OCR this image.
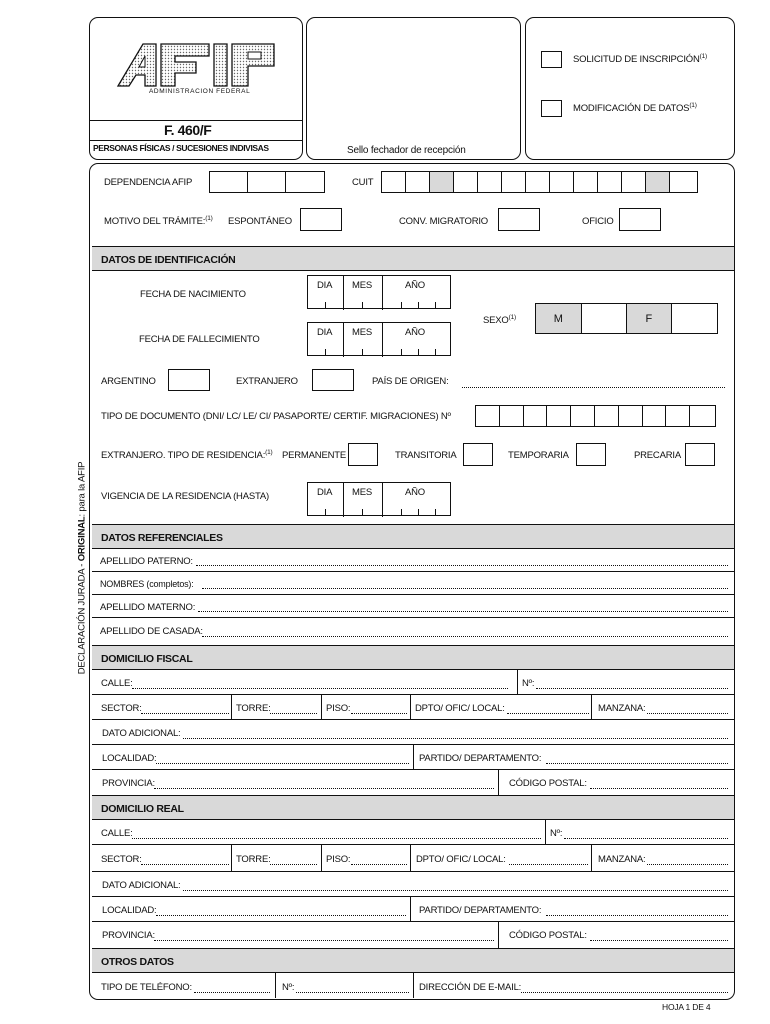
ADMINISTRACION FEDERAL
F. 460/F
PERSONAS FÍSICAS / SUCESIONES INDIVISAS	Sello fechador de recepción
SOLICITUD DE INSCRIPCIÓN$^{(1)}$
MODIFICACIÓN DE DATOS$^{(1)}$
DECLARACIÓN JURADA - ORIGINAL: para la AFIP
DEPENDENCIA AFIP	CUIT
MOTIVO DEL TRÁMITE:$^{(1)}$ ESPONTÁNEO	CONV. MIGRATORIO	OFICIO
DATOS DE IDENTIFICACIÓN
FECHA DE NACIMIENTO
DIA MES	AÑO
FECHA DE FALLECIMIENTO
DIA MES	AÑO
SEXO$^{(1)}$	M	F
ARGENTINO	EXTRANJERO	PAÍS DE ORIGEN:
TIPO DE DOCUMENTO (DNI/ LC/ LE/ CI/ PASAPORTE/ CERTIF. MIGRACIONES) Nº
EXTRANJERO. TIPO DE RESIDENCIA:$^{(1)}$ PERMANENTE	TRANSITORIA	TEMPORARIA	PRECARIA
VIGENCIA DE LA RESIDENCIA (HASTA)	DIA MES	AÑO
DATOS REFERENCIALES
APELLIDO PATERNO:
NOMBRES (completos):
APELLIDO MATERNO:
APELLIDO DE CASADA:
DOMICILIO FISCAL
CALLE:	Nº:
SECTOR:	TORRE:	PISO:	DPTO/ OFIC/ LOCAL:	MANZANA:
DATO ADICIONAL:
LOCALIDAD:	PARTIDO/ DEPARTAMENTO:
PROVINCIA:	CÓDIGO POSTAL:
DOMICILIO REAL
CALLE:	Nº:
SECTOR:	TORRE:	PISO:	DPTO/ OFIC/ LOCAL:	MANZANA:
DATO ADICIONAL:
LOCALIDAD:	PARTIDO/ DEPARTAMENTO:
PROVINCIA:	CÓDIGO POSTAL:
OTROS DATOS
TIPO DE TELÉFONO:	Nº:	DIRECCIÓN DE E-MAIL:
HOJA 1 DE 4
